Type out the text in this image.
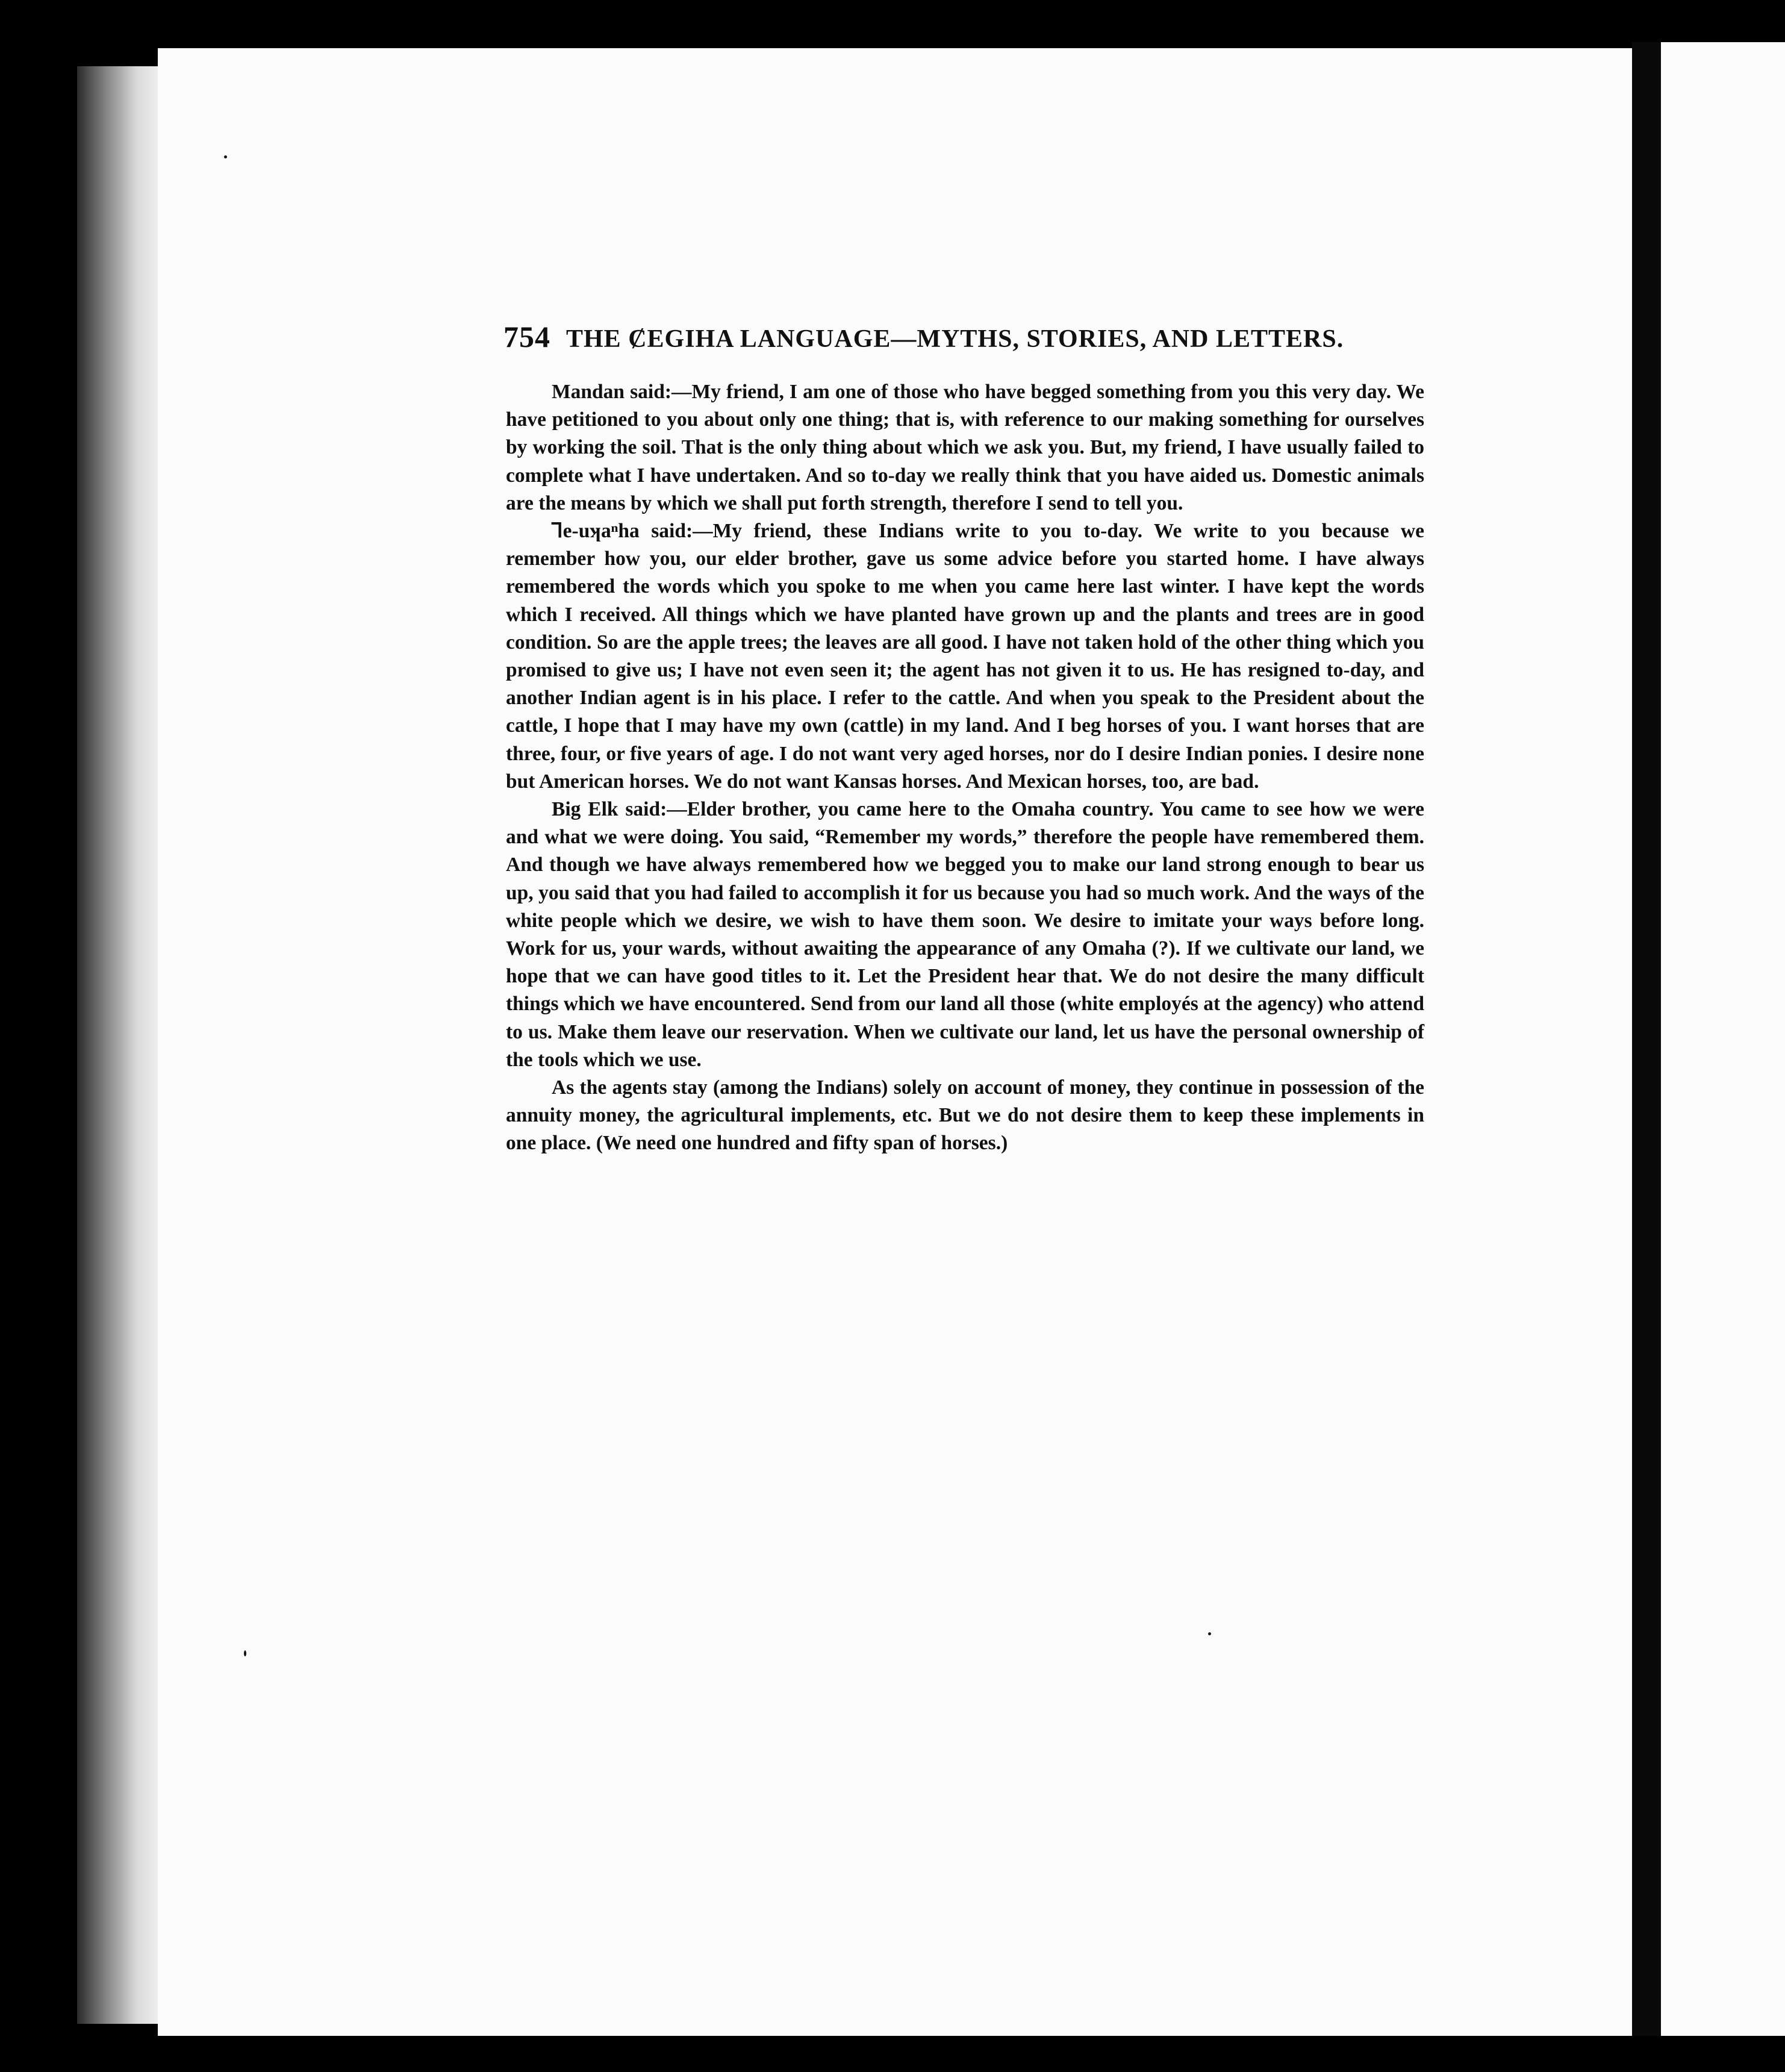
754 THE ȻEGIHA LANGUAGE—MYTHS, STORIES, AND LETTERS.

Mandan said:—My friend, I am one of those who have begged something from you this very day. We have petitioned to you about only one thing; that is, with reference to our making something for ourselves by working the soil. That is the only thing about which we ask you. But, my friend, I have usually failed to complete what I have undertaken. And so to-day we really think that you have aided us. Domestic animals are the means by which we shall put forth strength, therefore I send to tell you.

Ꞁe-uʞaⁿha said:—My friend, these Indians write to you to-day. We write to you because we remember how you, our elder brother, gave us some advice before you started home. I have always remembered the words which you spoke to me when you came here last winter. I have kept the words which I received. All things which we have planted have grown up and the plants and trees are in good condition. So are the apple trees; the leaves are all good. I have not taken hold of the other thing which you promised to give us; I have not even seen it; the agent has not given it to us. He has resigned to-day, and another Indian agent is in his place. I refer to the cattle. And when you speak to the President about the cattle, I hope that I may have my own (cattle) in my land. And I beg horses of you. I want horses that are three, four, or five years of age. I do not want very aged horses, nor do I desire Indian ponies. I desire none but American horses. We do not want Kansas horses. And Mexican horses, too, are bad.

Big Elk said:—Elder brother, you came here to the Omaha country. You came to see how we were and what we were doing. You said, “Remember my words,” therefore the people have remembered them. And though we have always remembered how we begged you to make our land strong enough to bear us up, you said that you had failed to accomplish it for us because you had so much work. And the ways of the white people which we desire, we wish to have them soon. We desire to imitate your ways before long. Work for us, your wards, without awaiting the appearance of any Omaha (?). If we cultivate our land, we hope that we can have good titles to it. Let the President hear that. We do not desire the many difficult things which we have encountered. Send from our land all those (white employés at the agency) who attend to us. Make them leave our reservation. When we cultivate our land, let us have the personal ownership of the tools which we use.

As the agents stay (among the Indians) solely on account of money, they continue in possession of the annuity money, the agricultural implements, etc. But we do not desire them to keep these implements in one place. (We need one hundred and fifty span of horses.)
